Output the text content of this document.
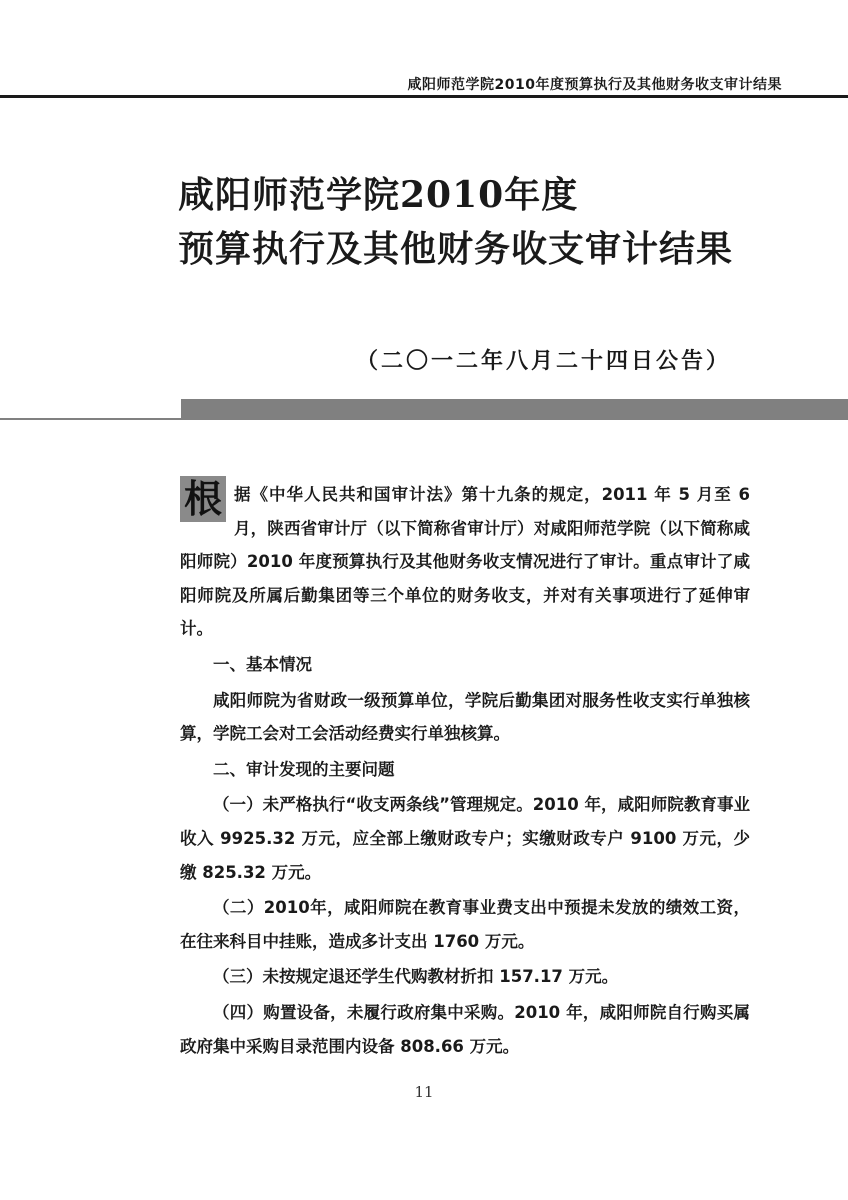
咸阳师范学院2010年度预算执行及其他财务收支审计结果
咸阳师范学院2010年度
预算执行及其他财务收支审计结果
（二〇一二年八月二十四日公告）

根 据《中华人民共和国审计法》第十九条的规定，2011 年 5 月至 6 月，陕西省审计厅（以下简称省审计厅）对咸阳师范学院（以下简称咸阳师院）2010 年度预算执行及其他财务收支情况进行了审计。重点审计了咸阳师院及所属后勤集团等三个单位的财务收支，并对有关事项进行了延伸审计。

一、基本情况

咸阳师院为省财政一级预算单位，学院后勤集团对服务性收支实行单独核算，学院工会对工会活动经费实行单独核算。

二、审计发现的主要问题

（一）未严格执行“收支两条线”管理规定。2010 年，咸阳师院教育事业收入 9925.32 万元，应全部上缴财政专户；实缴财政专户 9100 万元，少缴 825.32 万元。

（二）2010年，咸阳师院在教育事业费支出中预提未发放的绩效工资，在往来科目中挂账，造成多计支出 1760 万元。

（三）未按规定退还学生代购教材折扣 157.17 万元。

（四）购置设备，未履行政府集中采购。2010 年，咸阳师院自行购买属政府集中采购目录范围内设备 808.66 万元。

11
